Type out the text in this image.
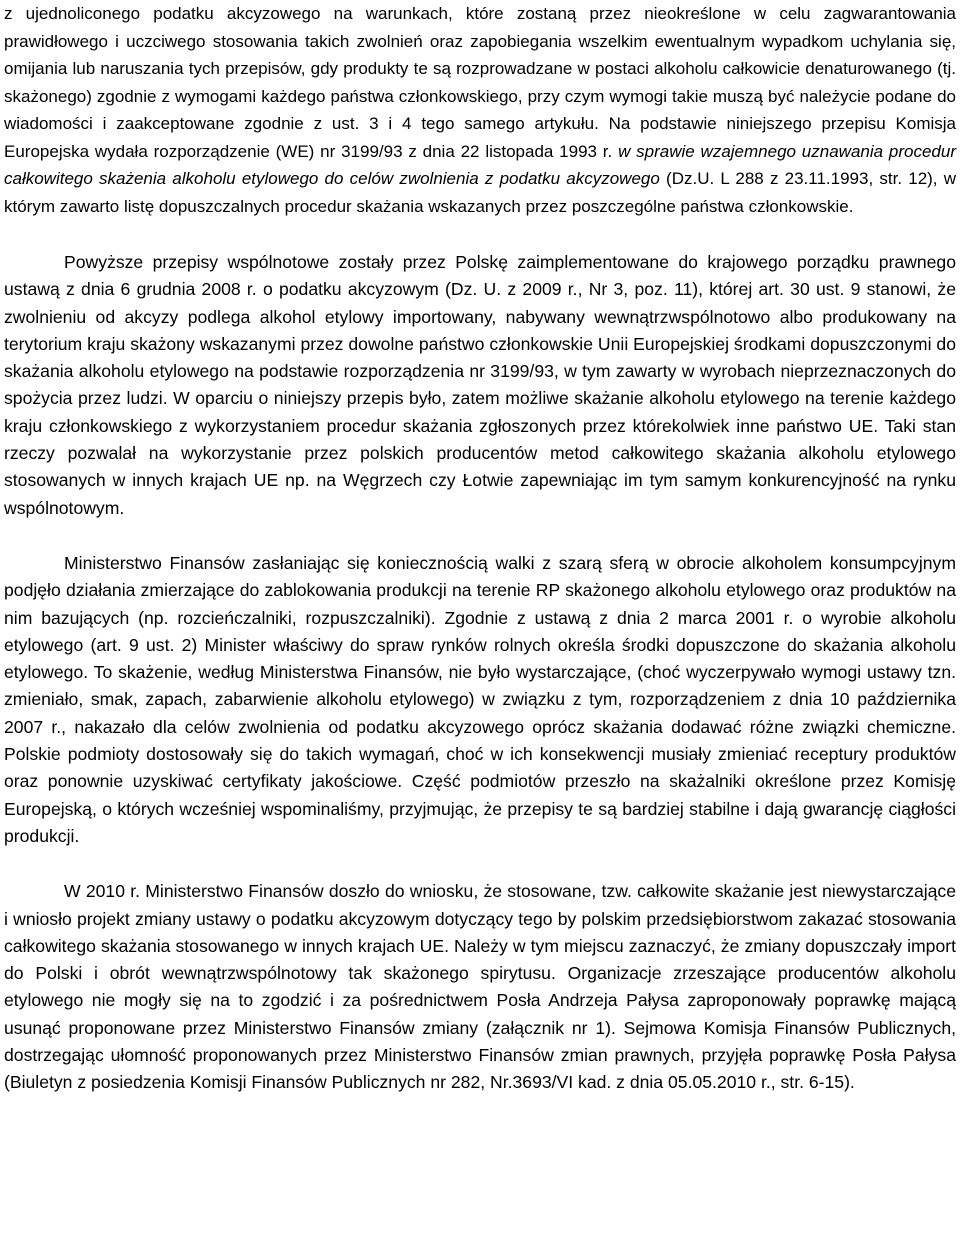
z ujednoliconego podatku akcyzowego na warunkach, które zostaną przez nieokreślone w celu zagwarantowania prawidłowego i uczciwego stosowania takich zwolnień oraz zapobiegania wszelkim ewentualnym wypadkom uchylania się, omijania lub naruszania tych przepisów, gdy produkty te są rozprowadzane w postaci alkoholu całkowicie denaturowanego (tj. skażonego) zgodnie z wymogami każdego państwa członkowskiego, przy czym wymogi takie muszą być należycie podane do wiadomości i zaakceptowane zgodnie z ust. 3 i 4 tego samego artykułu. Na podstawie niniejszego przepisu Komisja Europejska wydała rozporządzenie (WE) nr 3199/93 z dnia 22 listopada 1993 r. w sprawie wzajemnego uznawania procedur całkowitego skażenia alkoholu etylowego do celów zwolnienia z podatku akcyzowego (Dz.U. L 288 z 23.11.1993, str. 12), w którym zawarto listę dopuszczalnych procedur skażania wskazanych przez poszczególne państwa członkowskie.

Powyższe przepisy wspólnotowe zostały przez Polskę zaimplementowane do krajowego porządku prawnego ustawą z dnia 6 grudnia 2008 r. o podatku akcyzowym (Dz. U. z 2009 r., Nr 3, poz. 11), której art. 30 ust. 9 stanowi, że zwolnieniu od akcyzy podlega alkohol etylowy importowany, nabywany wewnątrzwspólnotowo albo produkowany na terytorium kraju skażony wskazanymi przez dowolne państwo członkowskie Unii Europejskiej środkami dopuszczonymi do skażania alkoholu etylowego na podstawie rozporządzenia nr 3199/93, w tym zawarty w wyrobach nieprzeznaczonych do spożycia przez ludzi. W oparciu o niniejszy przepis było, zatem możliwe skażanie alkoholu etylowego na terenie każdego kraju członkowskiego z wykorzystaniem procedur skażania zgłoszonych przez którekolwiek inne państwo UE. Taki stan rzeczy pozwalał na wykorzystanie przez polskich producentów metod całkowitego skażania alkoholu etylowego stosowanych w innych krajach UE np. na Węgrzech czy Łotwie zapewniając im tym samym konkurencyjność na rynku wspólnotowym.

Ministerstwo Finansów zasłaniając się koniecznością walki z szarą sferą w obrocie alkoholem konsumpcyjnym podjęło działania zmierzające do zablokowania produkcji na terenie RP skażonego alkoholu etylowego oraz produktów na nim bazujących (np. rozcieńczalniki, rozpuszczalniki). Zgodnie z ustawą z dnia 2 marca 2001 r. o wyrobie alkoholu etylowego (art. 9 ust. 2) Minister właściwy do spraw rynków rolnych określa środki dopuszczone do skażania alkoholu etylowego. To skażenie, według Ministerstwa Finansów, nie było wystarczające, (choć wyczerpywało wymogi ustawy tzn. zmieniało, smak, zapach, zabarwienie alkoholu etylowego) w związku z tym, rozporządzeniem z dnia 10 października 2007 r., nakazało dla celów zwolnienia od podatku akcyzowego oprócz skażania dodawać różne związki chemiczne. Polskie podmioty dostosowały się do takich wymagań, choć w ich konsekwencji musiały zmieniać receptury produktów oraz ponownie uzyskiwać certyfikaty jakościowe. Część podmiotów przeszło na skażalniki określone przez Komisję Europejską, o których wcześniej wspominaliśmy, przyjmując, że przepisy te są bardziej stabilne i dają gwarancję ciągłości produkcji.

W 2010 r. Ministerstwo Finansów doszło do wniosku, że stosowane, tzw. całkowite skażanie jest niewystarczające i wniosło projekt zmiany ustawy o podatku akcyzowym dotyczący tego by polskim przedsiębiorstwom zakazać stosowania całkowitego skażania stosowanego w innych krajach UE. Należy w tym miejscu zaznaczyć, że zmiany dopuszczały import do Polski i obrót wewnątrzwspólnotowy tak skażonego spirytusu. Organizacje zrzeszające producentów alkoholu etylowego nie mogły się na to zgodzić i za pośrednictwem Posła Andrzeja Pałysa zaproponowały poprawkę mającą usunąć proponowane przez Ministerstwo Finansów zmiany (załącznik nr 1). Sejmowa Komisja Finansów Publicznych, dostrzegając ułomność proponowanych przez Ministerstwo Finansów zmian prawnych, przyjęła poprawkę Posła Pałysa (Biuletyn z posiedzenia Komisji Finansów Publicznych nr 282, Nr.3693/VI kad. z dnia 05.05.2010 r., str. 6-15).
